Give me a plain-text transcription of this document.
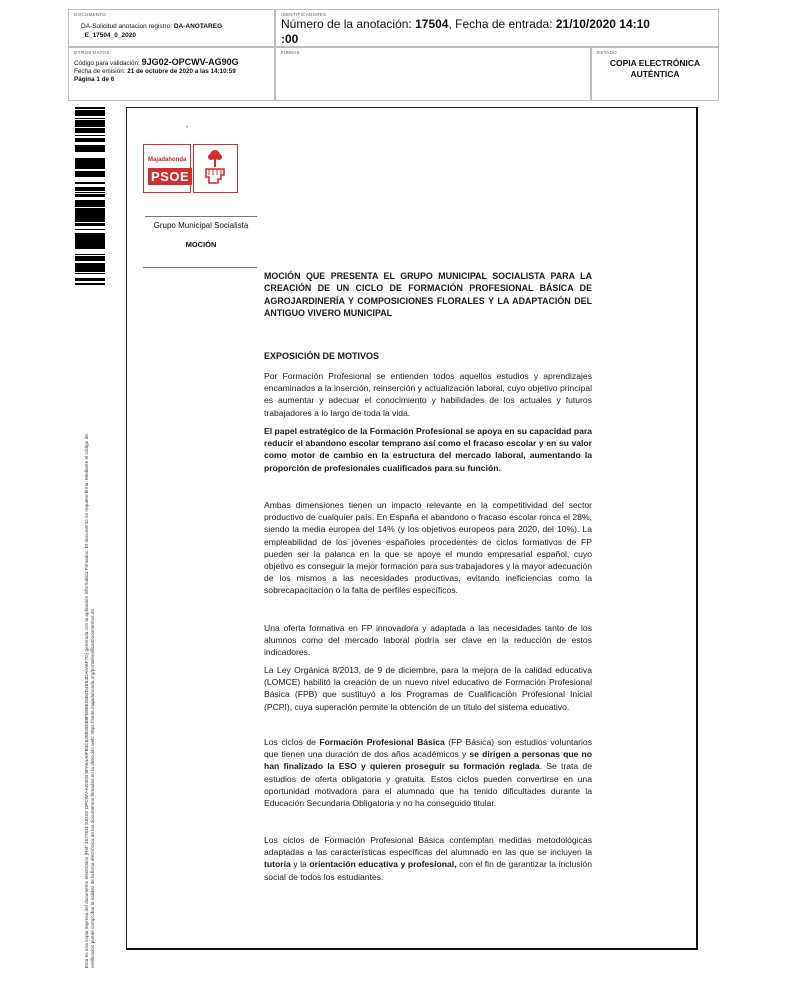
DOCUMENTO
DA-Solicitud anotacion registro: DA-ANOTAREG
_E_17504_0_2020
IDENTIFICADORES
Número de la anotación: 17504, Fecha de entrada: 21/10/2020 14:10
:00
OTROS DATOS
Código para validación: 9JG02-OPCWV-AG90G
Fecha de emisión: 21 de octubre de 2020 a las 14:10:59
Página 1 de 6
FIRMAS	ESTADO
COPIA ELECTRÓNICA
AUTÉNTICA

Esta es una copia impresa del documento electrónico (Ref: 1577611 9JG02-OPCWV-AG90G 5FA54A0FB3C528839D88FD85E26B4D4E54DA0A6F7D) generada con la aplicación informática Firmadoc. El documento no requiere firma. Mediante el código de verificación puede comprobar la validez de la firma electrónica de los documentos firmados en la dirección web: https://sede.majadahonda.org/portal/verificarDocumentos.do

•
Majadahonda
PSOE
Grupo Municipal Socialista
MOCIÓN
MOCIÓN QUE PRESENTA EL GRUPO MUNICIPAL SOCIALISTA PARA LA CREACIÓN DE UN CICLO DE FORMACIÓN PROFESIONAL BÁSICA DE AGROJARDINERÍA Y COMPOSICIONES FLORALES Y LA ADAPTACIÓN DEL ANTIGUO VIVERO MUNICIPAL
EXPOSICIÓN DE MOTIVOS
Por Formación Profesional se entienden todos aquellos estudios y aprendizajes encaminados a la inserción, reinserción y actualización laboral, cuyo objetivo principal es aumentar y adecuar el conocimiento y habilidades de los actuales y futuros trabajadores a lo largo de toda la vida.
El papel estratégico de la Formación Profesional se apoya en su capacidad para reducir el abandono escolar temprano así como el fracaso escolar y en su valor como motor de cambio en la estructura del mercado laboral, aumentando la proporción de profesionales cualificados para su función.
Ambas dimensiones tienen un impacto relevante en la competitividad del sector productivo de cualquier país. En España el abandono o fracaso escolar ronca el 28%, siendo la media europea del 14% (y los objetivos europeos para 2020, del 10%). La empleabilidad de los jóvenes españoles procedentes de ciclos formativos de FP pueden ser la palanca en la que se apoye el mundo empresarial español, cuyo objetivo es conseguir la mejor formación para sus trabajadores y la mayor adecuación de los mismos a las necesidades productivas, evitando ineficiencias como la sobrecapacitación o la falta de perfiles específicos.
Una oferta formativa en FP innovadora y adaptada a las necesidades tanto de los alumnos como del mercado laboral podría ser clave en la reducción de estos indicadores.
La Ley Orgánica 8/2013, de 9 de diciembre, para la mejora de la calidad educativa (LOMCE) habilitó la creación de un nuevo nivel educativo de Formación Profesional Básica (FPB) que sustituyó a los Programas de Cualificación Profesional Inicial (PCPI), cuya superación permite la obtención de un título del sistema educativo.
Los ciclos de Formación Profesional Básica (FP Básica) son estudios voluntarios que tienen una duración de dos años académicos y se dirigen a personas que no han finalizado la ESO y quieren proseguir su formación reglada. Se trata de estudios de oferta obligatoria y gratuita. Estos ciclos pueden convertirse en una oportunidad motivadora para el alumnado que ha tenido dificultades durante la Educación Secundaria Obligatoria y no ha conseguido titular.
Los ciclos de Formación Profesional Básica contemplan medidas metodológicas adaptadas a las características específicas del alumnado en las que se incluyen la tutoría y la orientación educativa y profesional, con el fin de garantizar la inclusión social de todos los estudiantes.
